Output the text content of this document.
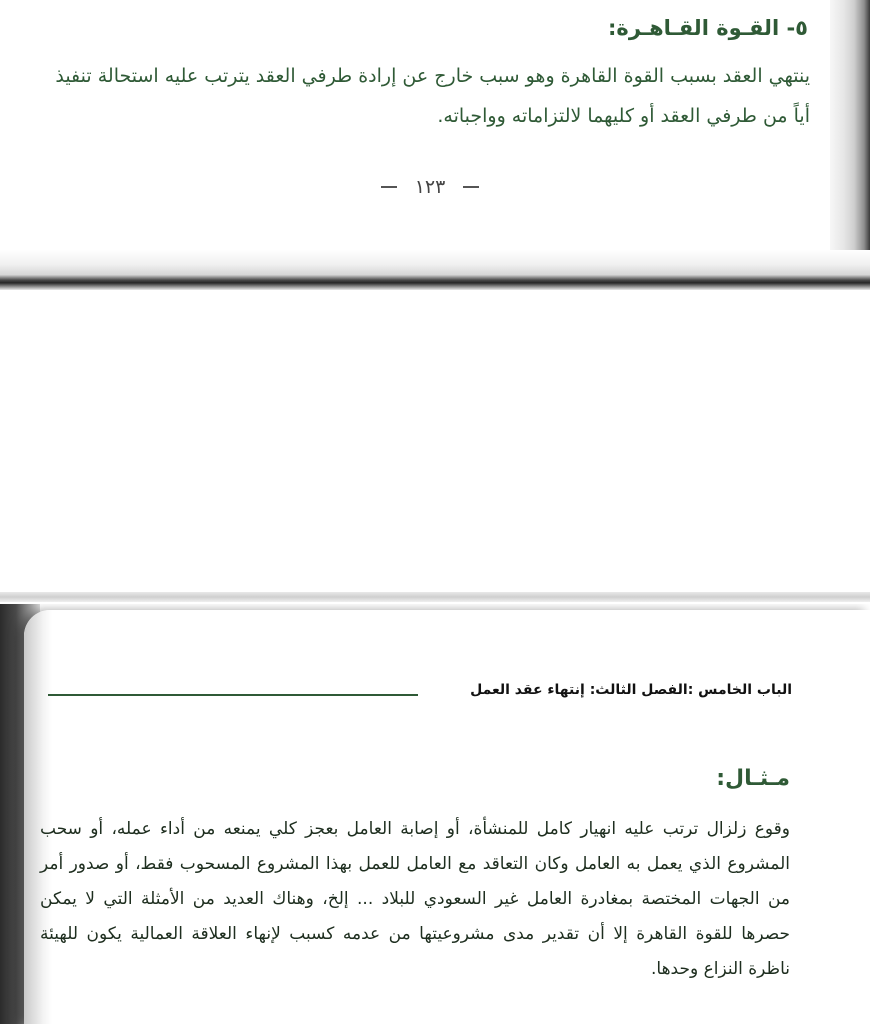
٥- القـوة القـاهـرة:
ينتهي العقد بسبب القوة القاهرة وهو سبب خارج عن إرادة طرفي العقد يترتب عليه استحالة تنفيذ أياً من طرفي العقد أو كليهما لالتزاماته وواجباته.
١٢٣
الباب الخامس :الفصل الثالث: إنتهاء عقد العمل
مـثـال:
وقوع زلزال ترتب عليه انهيار كامل للمنشأة، أو إصابة العامل بعجز كلي يمنعه من أداء عمله، أو سحب المشروع الذي يعمل به العامل وكان التعاقد مع العامل للعمل بهذا المشروع المسحوب فقط، أو صدور أمر من الجهات المختصة بمغادرة العامل غير السعودي للبلاد ... إلخ، وهناك العديد من الأمثلة التي لا يمكن حصرها للقوة القاهرة إلا أن تقدير مدى مشروعيتها من عدمه كسبب لإنهاء العلاقة العمالية يكون للهيئة ناظرة النزاع وحدها.
